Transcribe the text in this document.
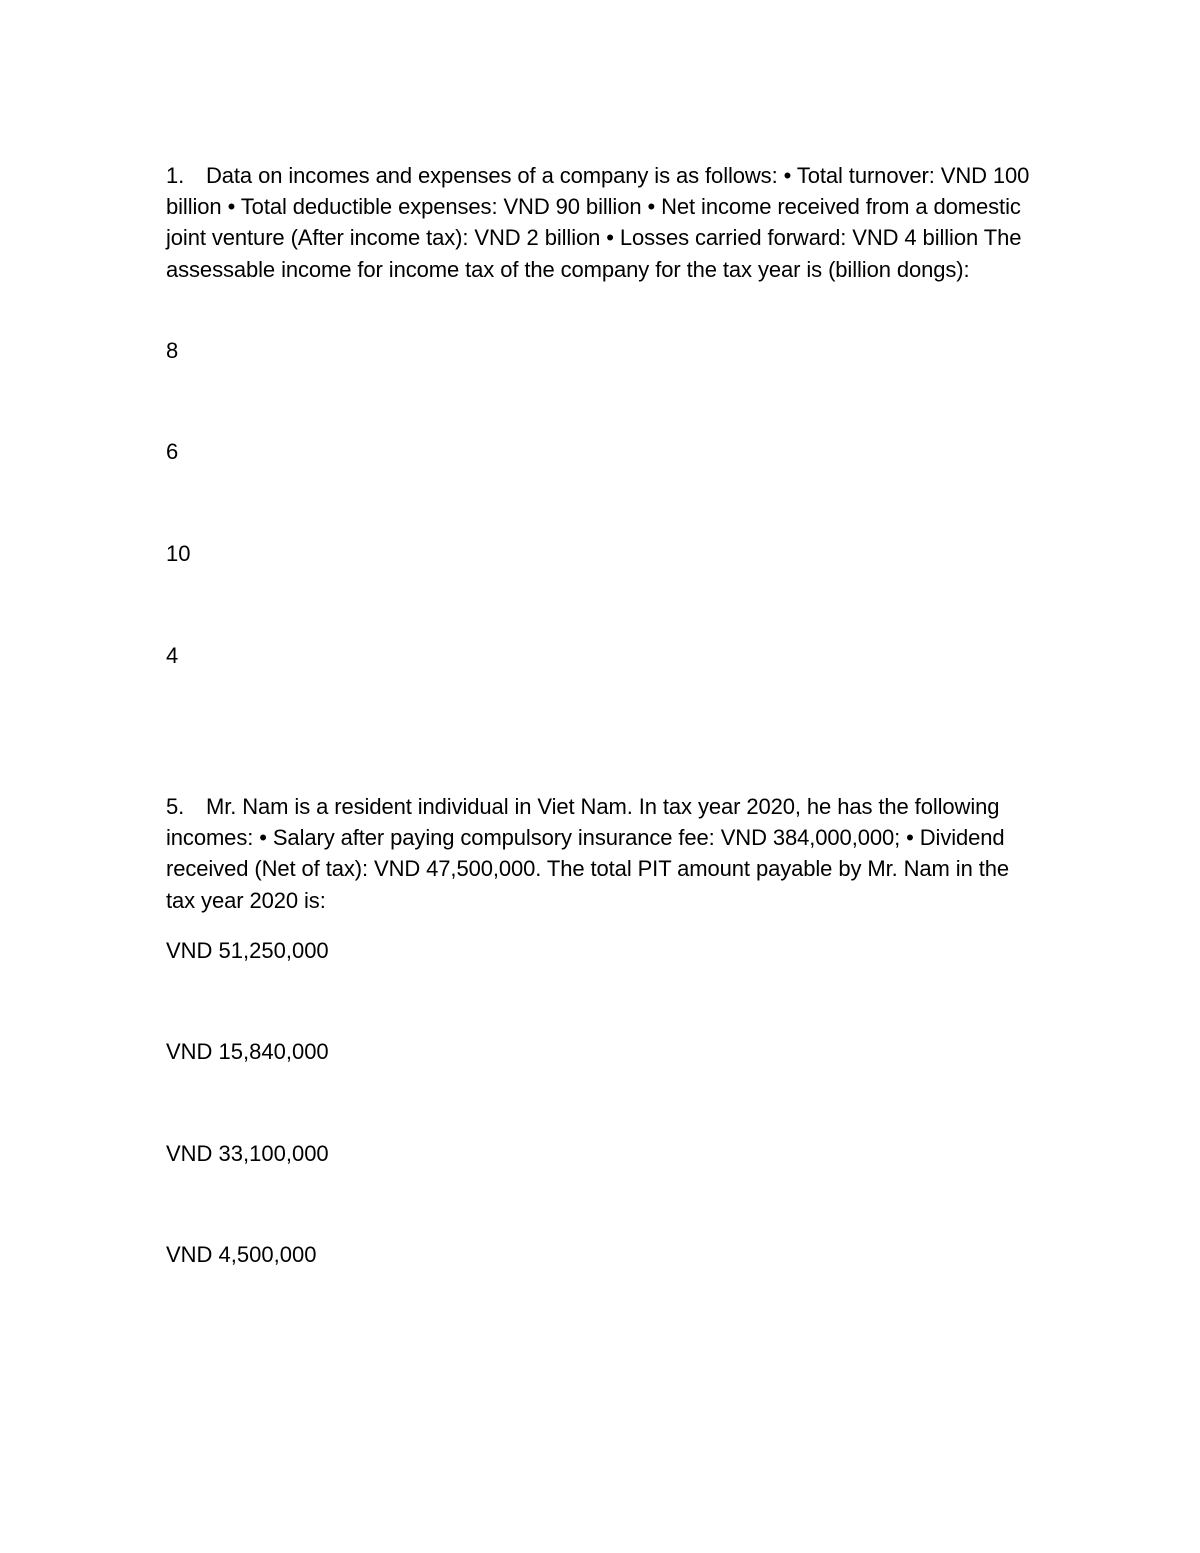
1. Data on incomes and expenses of a company is as follows: • Total turnover: VND 100 billion • Total deductible expenses: VND 90 billion • Net income received from a domestic joint venture (After income tax): VND 2 billion • Losses carried forward: VND 4 billion The assessable income for income tax of the company for the tax year is (billion dongs):
8
6
10
4
5. Mr. Nam is a resident individual in Viet Nam. In tax year 2020, he has the following incomes: • Salary after paying compulsory insurance fee: VND 384,000,000; • Dividend received (Net of tax): VND 47,500,000. The total PIT amount payable by Mr. Nam in the tax year 2020 is:
VND 51,250,000
VND 15,840,000
VND 33,100,000
VND 4,500,000
